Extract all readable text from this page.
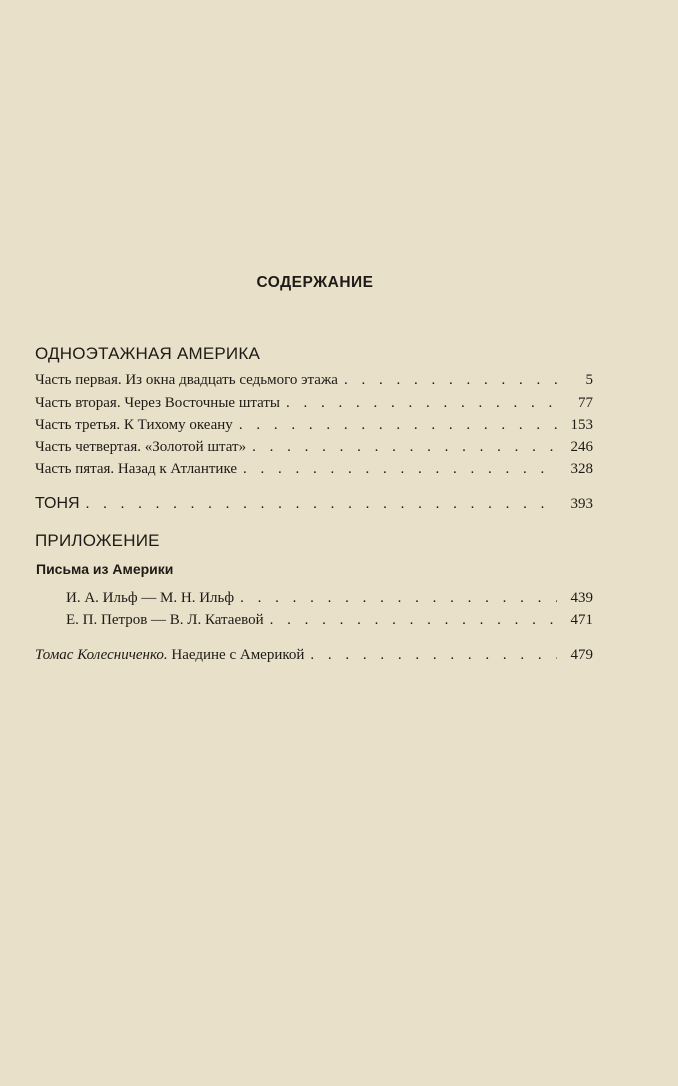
СОДЕРЖАНИЕ
ОДНОЭТАЖНАЯ АМЕРИКА
Часть первая. Из окна двадцать седьмого этажа . . .	5
Часть вторая. Через Восточные штаты . . .	77
Часть третья. К Тихому океану . . .	153
Часть четвертая. «Золотой штат» . . .	246
Часть пятая. Назад к Атлантике . . .	328
ТОНЯ . . .	393
ПРИЛОЖЕНИЕ
Письма из Америки
И. А. Ильф — М. Н. Ильф . . .	439
Е. П. Петров — В. Л. Катаевой . . .	471
Томас Колесниченко. Наедине с Америкой . . .	479
